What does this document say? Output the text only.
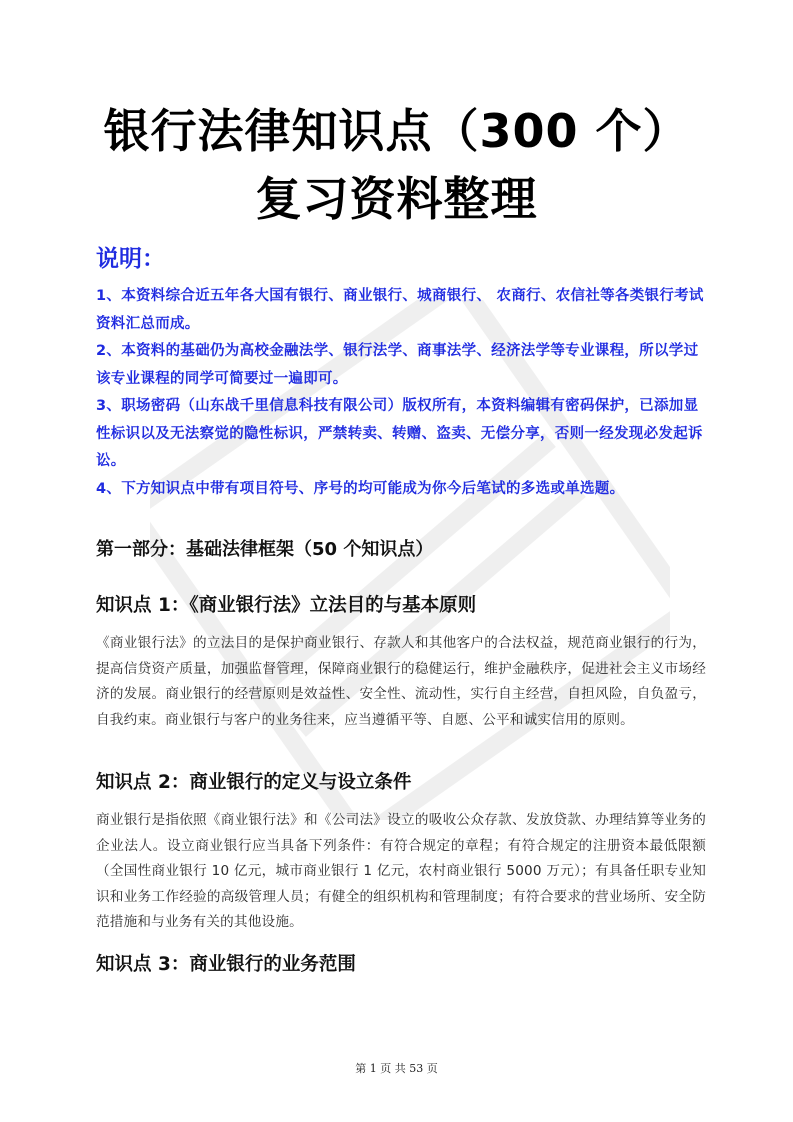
银行法律知识点（300 个）
复习资料整理
说明：
1、本资料综合近五年各大国有银行、商业银行、城商银行、 农商行、农信社等各类银行考试资料汇总而成。
2、本资料的基础仍为高校金融法学、银行法学、商事法学、经济法学等专业课程，所以学过该专业课程的同学可简要过一遍即可。
3、职场密码（山东战千里信息科技有限公司）版权所有，本资料编辑有密码保护，已添加显性标识以及无法察觉的隐性标识，严禁转卖、转赠、盗卖、无偿分享，否则一经发现必发起诉讼。
4、下方知识点中带有项目符号、序号的均可能成为你今后笔试的多选或单选题。
第一部分：基础法律框架（50 个知识点）
知识点 1：《商业银行法》立法目的与基本原则

《商业银行法》的立法目的是保护商业银行、存款人和其他客户的合法权益，规范商业银行的行为，提高信贷资产质量，加强监督管理，保障商业银行的稳健运行，维护金融秩序，促进社会主义市场经济的发展。商业银行的经营原则是效益性、安全性、流动性，实行自主经营，自担风险，自负盈亏，自我约束。商业银行与客户的业务往来，应当遵循平等、自愿、公平和诚实信用的原则。

知识点 2：商业银行的定义与设立条件

商业银行是指依照《商业银行法》和《公司法》设立的吸收公众存款、发放贷款、办理结算等业务的企业法人。设立商业银行应当具备下列条件：有符合规定的章程；有符合规定的注册资本最低限额（全国性商业银行 10 亿元，城市商业银行 1 亿元，农村商业银行 5000 万元）；有具备任职专业知识和业务工作经验的高级管理人员；有健全的组织机构和管理制度；有符合要求的营业场所、安全防范措施和与业务有关的其他设施。

知识点 3：商业银行的业务范围
第 1 页 共 53 页
